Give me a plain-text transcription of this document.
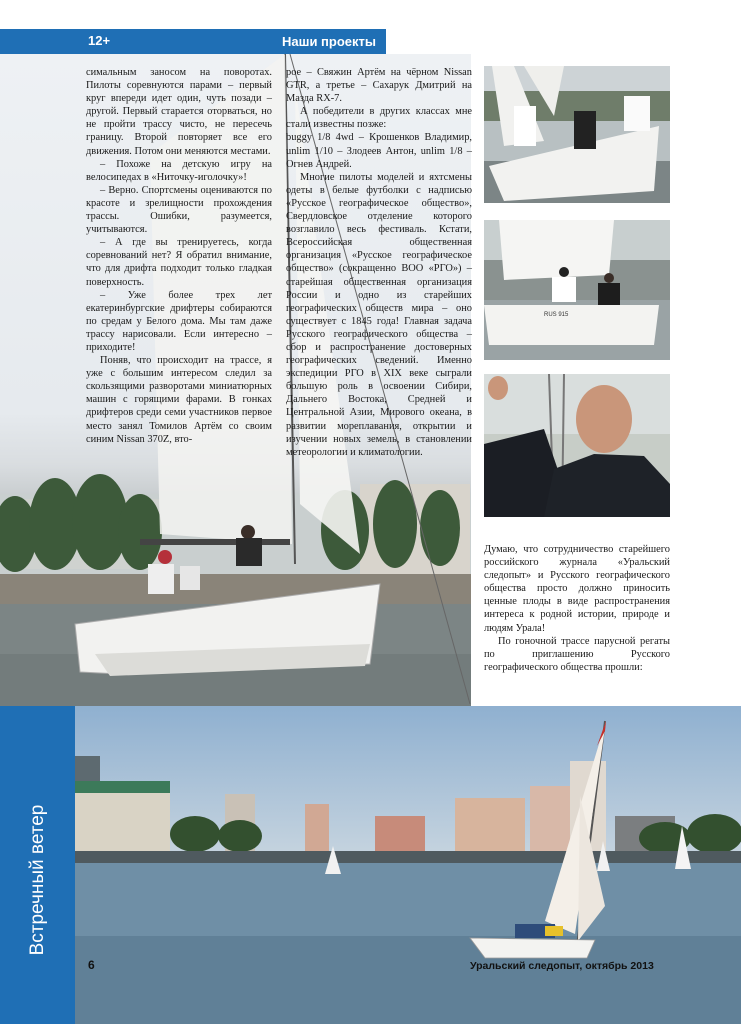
12+	Наши проекты

симальным заносом на поворотах. Пилоты соревнуются парами – первый круг впереди идет один, чуть позади – другой. Первый старается оторваться, но не пройти трассу чисто, не пересечь границу. Второй повторяет все его движения. Потом они меняются местами.

– Похоже на детскую игру на велосипедах в «Ниточку-иголочку»!

– Верно. Спортсмены оцениваются по красоте и зрелищности прохождения трассы. Ошибки, разумеется, учитываются.

– А где вы тренируетесь, когда соревнований нет? Я обратил внимание, что для дрифта подходит только гладкая поверхность.

– Уже более трех лет екатеринбургские дрифтеры собираются по средам у Белого дома. Мы там даже трассу нарисовали. Если интересно – приходите!

Поняв, что происходит на трассе, я уже с большим интересом следил за скользящими разворотами миниатюрных машин с горящими фарами. В гонках дрифтеров среди семи участников первое место занял Томилов Артём со своим синим Nissan 370Z, вто-

рое – Свяжин Артём на чёрном Nissan GTR, а третье – Сахарук Дмитрий на Мазда RX-7.

А победители в других классах мне стали известны позже:

buggy 1/8 4wd – Крошенков Владимир, unlim 1/10 – Злодеев Антон, unlim 1/8 – Огнев Андрей.

Многие пилоты моделей и яхтсмены одеты в белые футболки с надписью «Русское географическое общество», Свердловское отделение которого возглавило весь фестиваль. Кстати, Всероссийская общественная организация «Русское географическое общество» (сокращенно ВОО «РГО») – старейшая общественная организация России и одно из старейших географических обществ мира – оно существует с 1845 года! Главная задача Русского географического общества – сбор и распространение достоверных географических сведений. Именно экспедиции РГО в XIX веке сыграли большую роль в освоении Сибири, Дальнего Востока, Средней и Центральной Азии, Мирового океана, в развитии мореплавания, открытии и изучении новых земель, в становлении метеорологии и климатологии.

RUS 915

Думаю, что сотрудничество старейшего российского журнала «Уральский следопыт» и Русского географического общества просто должно приносить ценные плоды в виде распространения интереса к родной истории, природе и людям Урала!

По гоночной трассе парусной регаты по приглашению Русского географического общества прошли:

Встречный ветер
6	Уральский следопыт, октябрь 2013
